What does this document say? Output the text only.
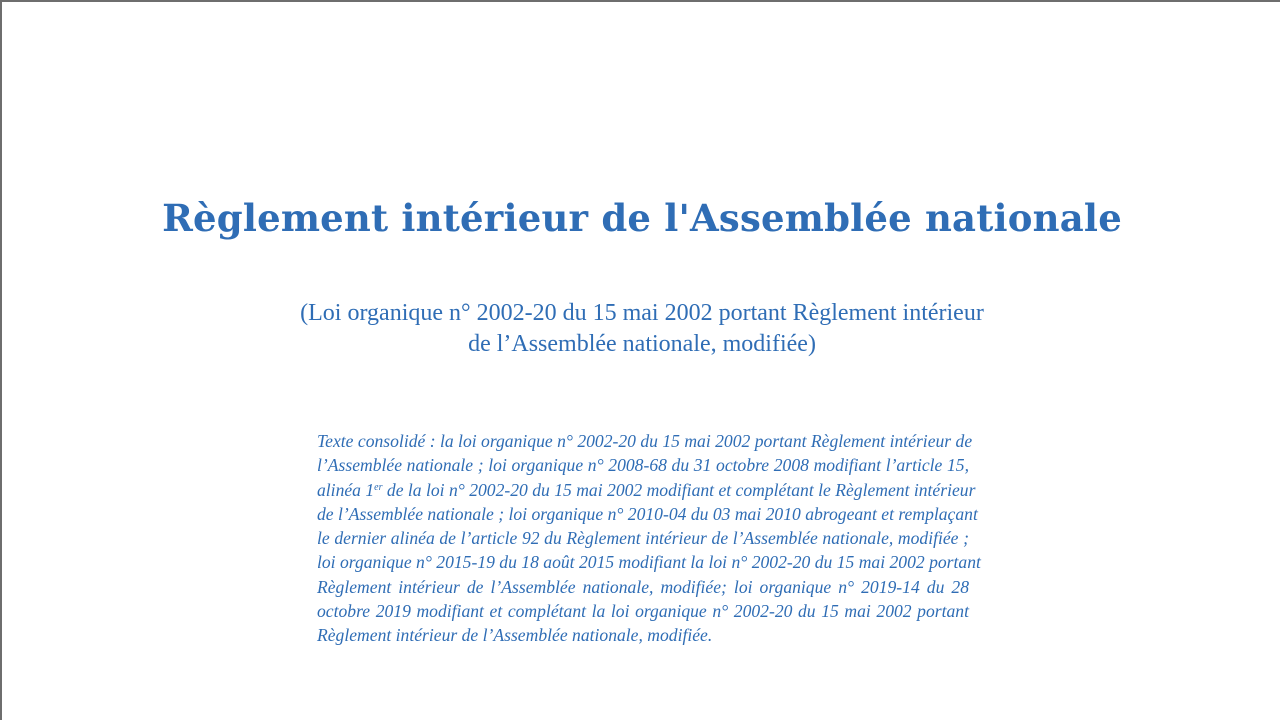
Règlement intérieur de l'Assemblée nationale

(Loi organique n° 2002-20 du 15 mai 2002 portant Règlement intérieur
de l’Assemblée nationale, modifiée)

Texte consolidé : la loi organique n° 2002-20 du 15 mai 2002 portant Règlement intérieur de
l’Assemblée nationale ; loi organique n° 2008-68 du 31 octobre 2008 modifiant l’article 15,
alinéa 1er de la loi n° 2002-20 du 15 mai 2002 modifiant et complétant le Règlement intérieur
de l’Assemblée nationale ; loi organique n° 2010-04 du 03 mai 2010 abrogeant et remplaçant
le dernier alinéa de l’article 92 du Règlement intérieur de l’Assemblée nationale, modifiée ;
loi organique n° 2015-19 du 18 août 2015 modifiant la loi n° 2002-20 du 15 mai 2002 portant
Règlement intérieur de l’Assemblée nationale, modifiée; loi organique n° 2019-14 du 28
octobre 2019 modifiant et complétant la loi organique n° 2002-20 du 15 mai 2002 portant
Règlement intérieur de l’Assemblée nationale, modifiée.
